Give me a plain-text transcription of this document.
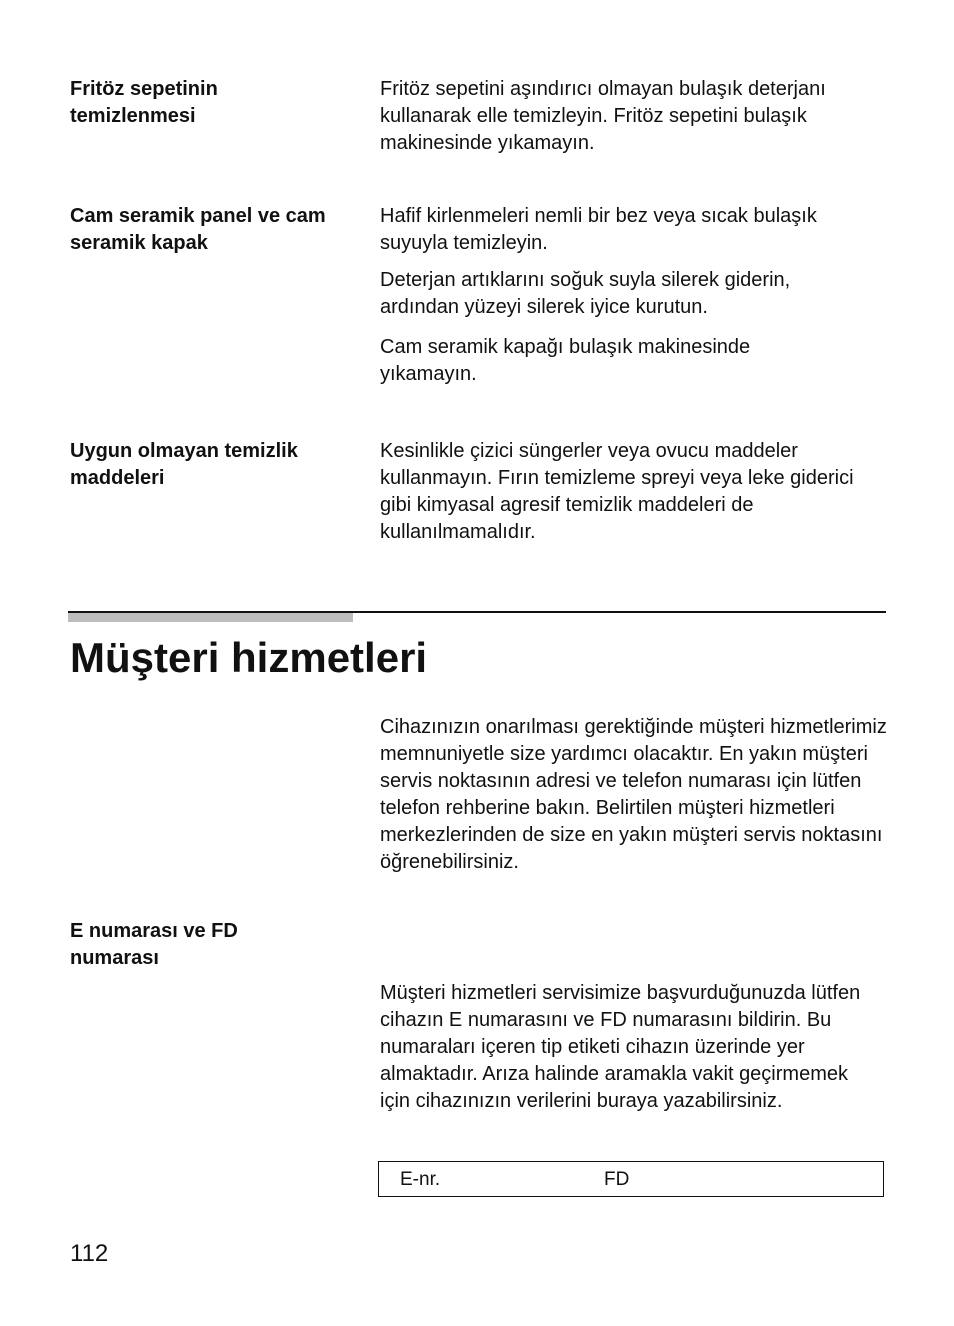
Fritöz sepetinin temizlenmesi
Fritöz sepetini aşındırıcı olmayan bulaşık deterjanı kullanarak elle temizleyin. Fritöz sepetini bulaşık makinesinde yıkamayın.
Cam seramik panel ve cam seramik kapak
Hafif kirlenmeleri nemli bir bez veya sıcak bulaşık suyuyla temizleyin.
Deterjan artıklarını soğuk suyla silerek giderin, ardından yüzeyi silerek iyice kurutun.
Cam seramik kapağı bulaşık makinesinde yıkamayın.
Uygun olmayan temizlik maddeleri
Kesinlikle çizici süngerler veya ovucu maddeler kullanmayın. Fırın temizleme spreyi veya leke giderici gibi kimyasal agresif temizlik maddeleri de kullanılmamalıdır.
Müşteri hizmetleri
Cihazınızın onarılması gerektiğinde müşteri hizmetlerimiz memnuniyetle size yardımcı olacaktır. En yakın müşteri servis noktasının adresi ve telefon numarası için lütfen telefon rehberine bakın. Belirtilen müşteri hizmetleri merkezlerinden de size en yakın müşteri servis noktasını öğrenebilirsiniz.
E numarası ve FD numarası
Müşteri hizmetleri servisimize başvurduğunuzda lütfen cihazın E numarasını ve FD numarasını bildirin. Bu numaraları içeren tip etiketi cihazın üzerinde yer almaktadır. Arıza halinde aramakla vakit geçirmemek için cihazınızın verilerini buraya yazabilirsiniz.
E-nr.	FD
112
